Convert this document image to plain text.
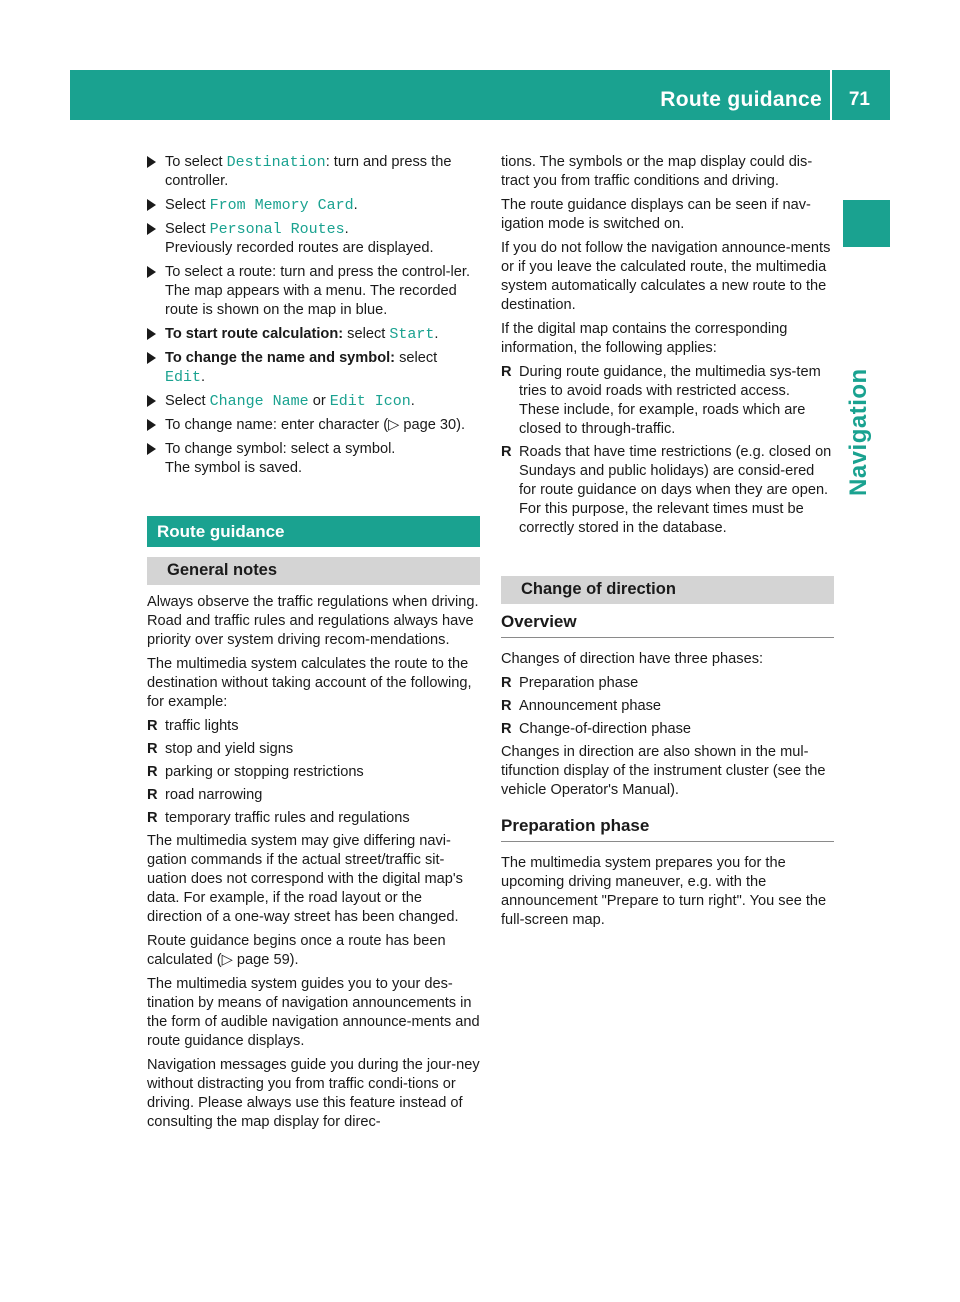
Route guidance 71
Navigation
To select Destination: turn and press the controller.
Select From Memory Card.
Select Personal Routes.
Previously recorded routes are displayed.
To select a route: turn and press the control-ler.
The map appears with a menu. The recorded route is shown on the map in blue.
To start route calculation: select Start.
To change the name and symbol: select Edit.
Select Change Name or Edit Icon.
To change name: enter character (▷ page 30).
To change symbol: select a symbol.
The symbol is saved.
Route guidance
General notes

Always observe the traffic regulations when driving. Road and traffic rules and regulations always have priority over system driving recom-mendations.

The multimedia system calculates the route to the destination without taking account of the following, for example:

R traffic lights
R stop and yield signs
R parking or stopping restrictions
R road narrowing
R temporary traffic rules and regulations

The multimedia system may give differing navi-gation commands if the actual street/traffic sit-uation does not correspond with the digital map's data. For example, if the road layout or the direction of a one-way street has been changed.

Route guidance begins once a route has been calculated (▷ page 59).

The multimedia system guides you to your des-tination by means of navigation announcements in the form of audible navigation announce-ments and route guidance displays.

Navigation messages guide you during the jour-ney without distracting you from traffic condi-tions or driving. Please always use this feature instead of consulting the map display for direc-

tions. The symbols or the map display could dis-tract you from traffic conditions and driving.

The route guidance displays can be seen if nav-igation mode is switched on.

If you do not follow the navigation announce-ments or if you leave the calculated route, the multimedia system automatically calculates a new route to the destination.

If the digital map contains the corresponding information, the following applies:

R During route guidance, the multimedia sys-tem tries to avoid roads with restricted access. These include, for example, roads which are closed to through-traffic.
R Roads that have time restrictions (e.g. closed on Sundays and public holidays) are consid-ered for route guidance on days when they are open. For this purpose, the relevant times must be correctly stored in the database.
Change of direction
Overview

Changes of direction have three phases:

R Preparation phase
R Announcement phase
R Change-of-direction phase

Changes in direction are also shown in the mul-tifunction display of the instrument cluster (see the vehicle Operator's Manual).

Preparation phase

The multimedia system prepares you for the upcoming driving maneuver, e.g. with the announcement "Prepare to turn right". You see the full-screen map.
